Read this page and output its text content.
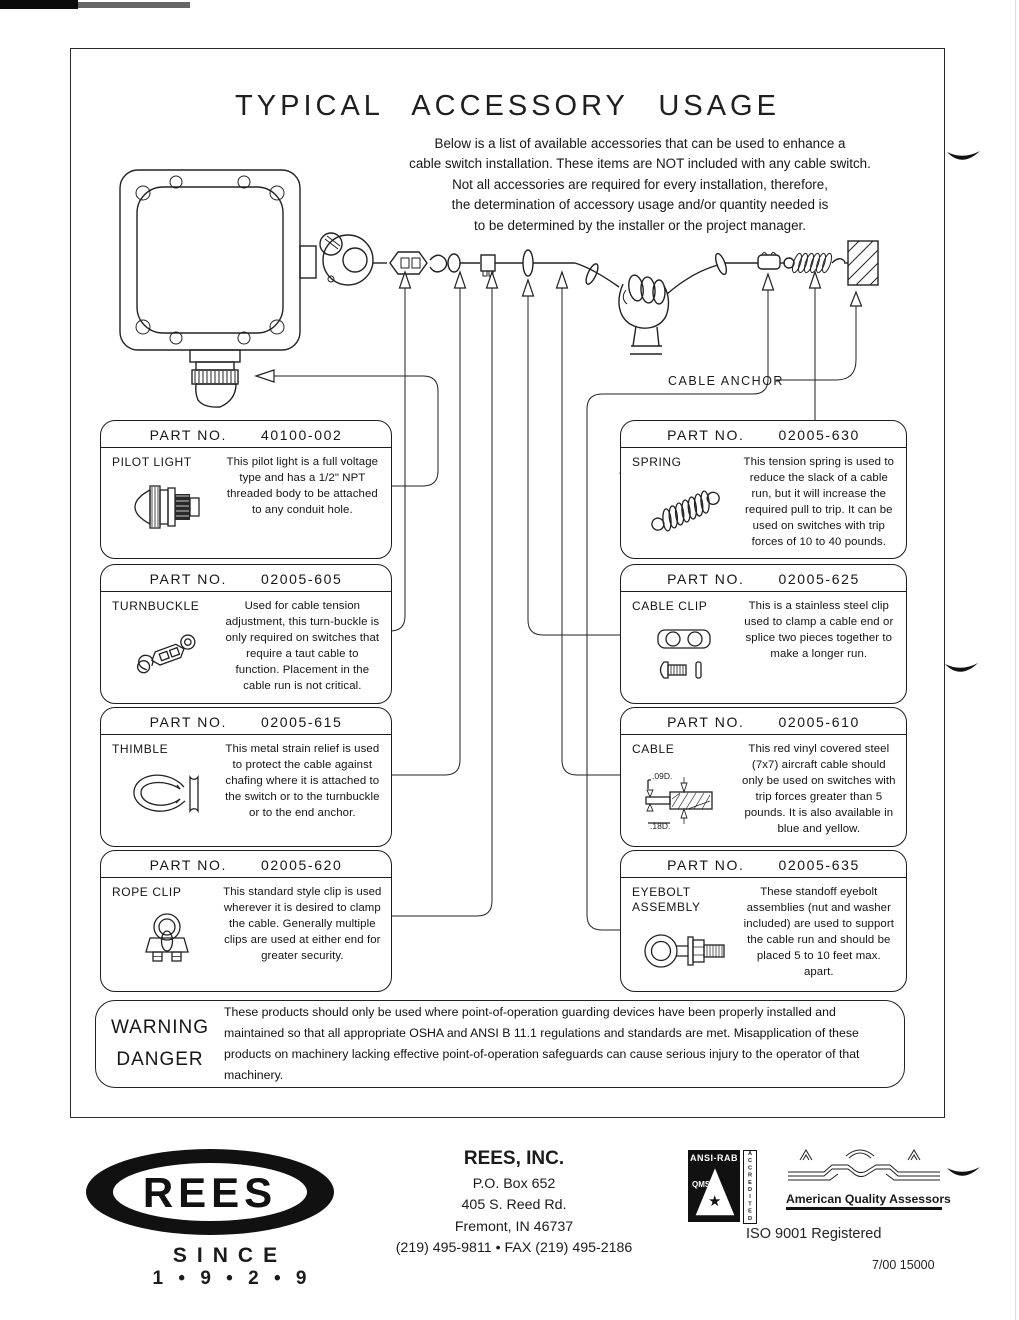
TYPICAL ACCESSORY USAGE
Below is a list of available accessories that can be used to enhance a
cable switch installation. These items are NOT included with any cable switch.
Not all accessories are required for every installation, therefore,
the determination of accessory usage and/or quantity needed is
to be determined by the installer or the project manager.
CABLE ANCHOR
PART NO. 40100-002
PILOT LIGHT	This pilot light is a full voltage type and has a 1/2" NPT threaded body to be attached to any conduit hole.
PART NO. 02005-605
TURNBUCKLE	Used for cable tension adjustment, this turn-buckle is only required on switches that require a taut cable to function. Placement in the cable run is not critical.
PART NO. 02005-615
THIMBLE	This metal strain relief is used to protect the cable against chafing where it is attached to the switch or to the turnbuckle or to the end anchor.
PART NO. 02005-620
ROPE CLIP	This standard style clip is used wherever it is desired to clamp the cable. Generally multiple clips are used at either end for greater security.
PART NO. 02005-630
SPRING	This tension spring is used to reduce the slack of a cable run, but it will increase the required pull to trip. It can be used on switches with trip forces of 10 to 40 pounds.
PART NO. 02005-625
CABLE CLIP	This is a stainless steel clip used to clamp a cable end or splice two pieces together to make a longer run.
PART NO. 02005-610
CABLE
.09D.
.18D.
This red vinyl covered steel (7x7) aircraft cable should only be used on switches with trip forces greater than 5 pounds. It is also available in blue and yellow.
PART NO. 02005-635
EYEBOLT ASSEMBLY
These standoff eyebolt assemblies (nut and washer included) are used to support the cable run and should be placed 5 to 10 feet max. apart.
WARNING
DANGER
These products should only be used where point-of-operation guarding devices have been properly installed and maintained so that all appropriate OSHA and ANSI B 11.1 regulations and standards are met. Misapplication of these products on machinery lacking effective point-of-operation safeguards can cause serious injury to the operator of that machinery.
REES
SINCE
1 • 9 • 2 • 9
REES, INC.
P.O. Box 652
405 S. Reed Rd.
Fremont, IN 46737
(219) 495-9811 • FAX (219) 495-2186
ANSI-RAB
QMS
★	ACCREDITED	American Quality Assessors
ISO 9001 Registered
7/00 15000
